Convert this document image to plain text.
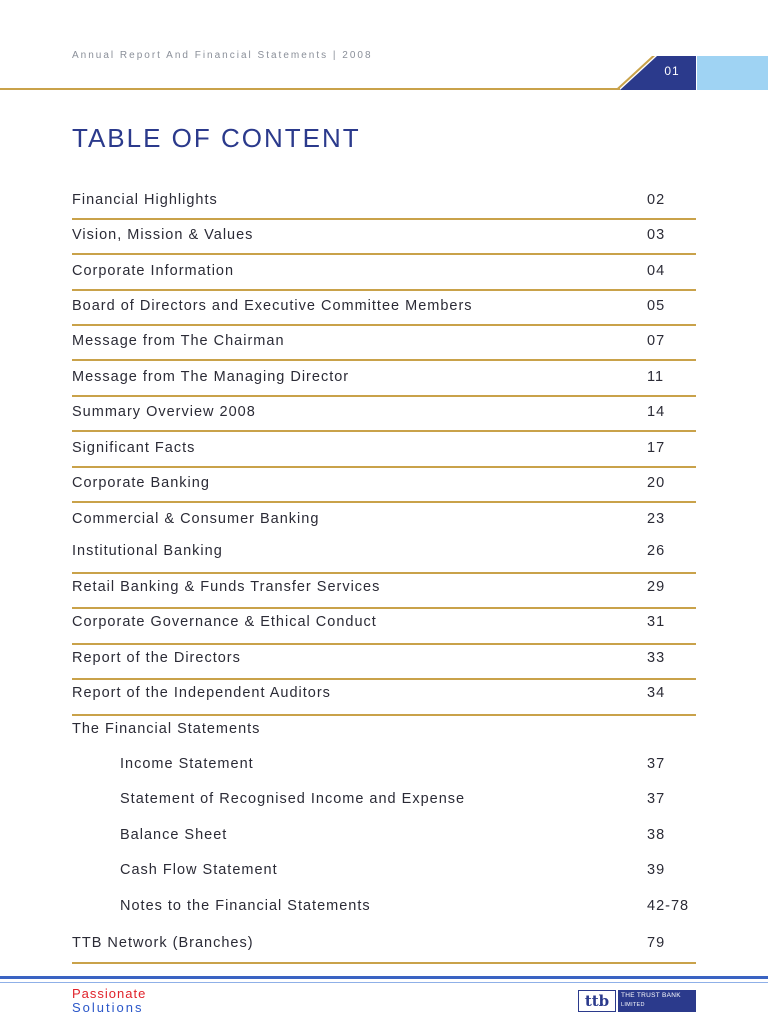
Annual Report And Financial Statements | 2008
01
TABLE OF CONTENT
Financial Highlights	02
Vision, Mission & Values	03
Corporate Information	04
Board of Directors and Executive Committee Members	05
Message from The Chairman	07
Message from The Managing Director	11
Summary Overview 2008	14
Significant Facts	17
Corporate Banking	20
Commercial & Consumer Banking	23
Institutional Banking	26
Retail Banking & Funds Transfer Services	29
Corporate Governance & Ethical Conduct	31
Report of the Directors	33
Report of the Independent Auditors	34
The Financial Statements
Income Statement	37
Statement of Recognised Income and Expense	37
Balance Sheet	38
Cash Flow Statement	39
Notes to the Financial Statements	42-78
TTB Network (Branches)	79
Passionate
Solutions	ttb	THE TRUST BANK
LIMITED
